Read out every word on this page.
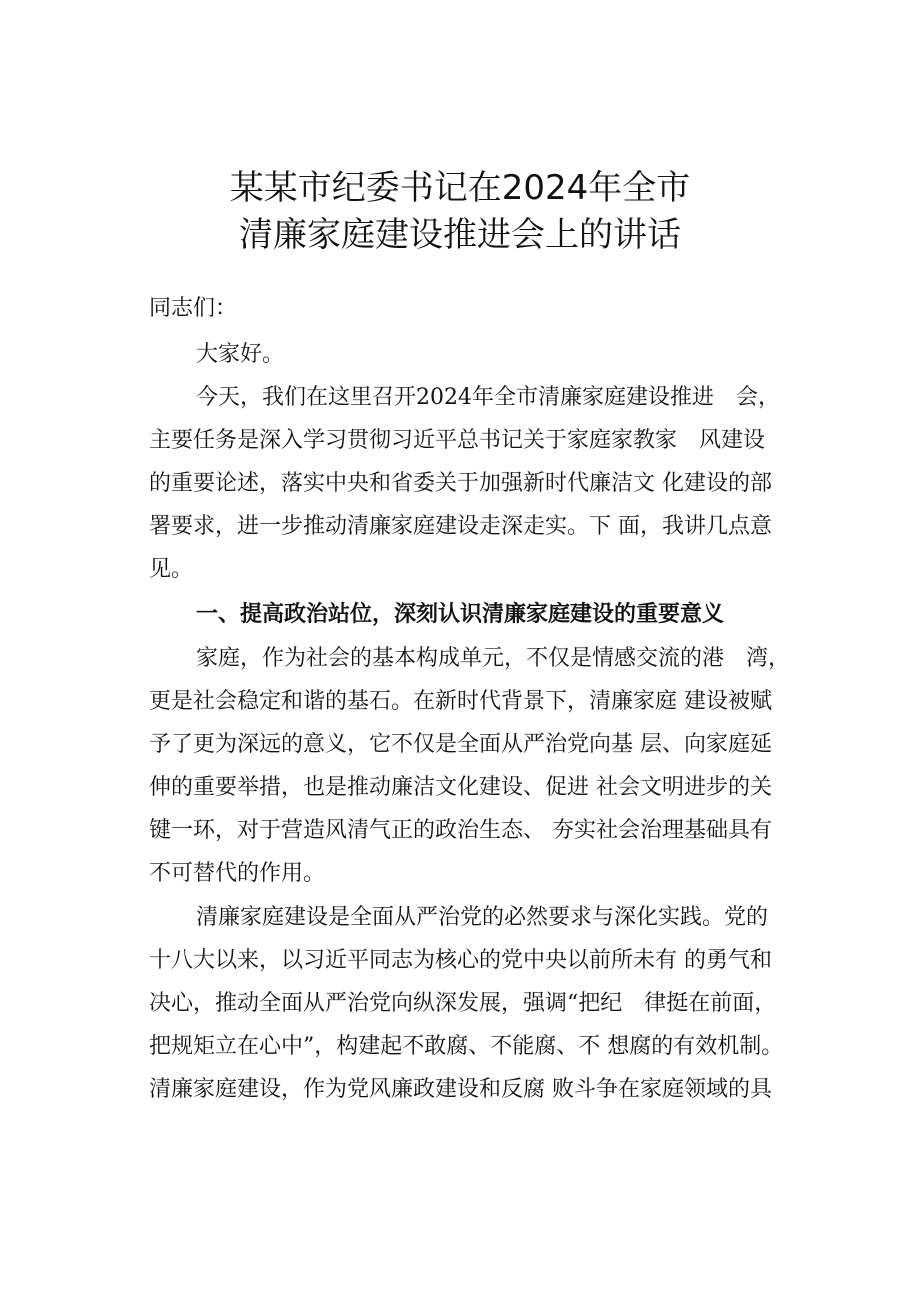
某某市纪委书记在2024年全市
清廉家庭建设推进会上的讲话
同志们：
大家好。
今天，我们在这里召开2024年全市清廉家庭建设推进　会，
主要任务是深入学习贯彻习近平总书记关于家庭家教家　风建设
的重要论述，落实中央和省委关于加强新时代廉洁文 化建设的部
署要求，进一步推动清廉家庭建设走深走实。下 面，我讲几点意
见。
一、提高政治站位，深刻认识清廉家庭建设的重要意义
家庭，作为社会的基本构成单元，不仅是情感交流的港　湾，
更是社会稳定和谐的基石。在新时代背景下，清廉家庭 建设被赋
予了更为深远的意义，它不仅是全面从严治党向基 层、向家庭延
伸的重要举措，也是推动廉洁文化建设、促进 社会文明进步的关
键一环，对于营造风清气正的政治生态、 夯实社会治理基础具有
不可替代的作用。
清廉家庭建设是全面从严治党的必然要求与深化实践。党的
十八大以来，以习近平同志为核心的党中央以前所未有 的勇气和
决心，推动全面从严治党向纵深发展，强调“把纪　律挺在前面，
把规矩立在心中”，构建起不敢腐、不能腐、不 想腐的有效机制。
清廉家庭建设，作为党风廉政建设和反腐 败斗争在家庭领域的具
